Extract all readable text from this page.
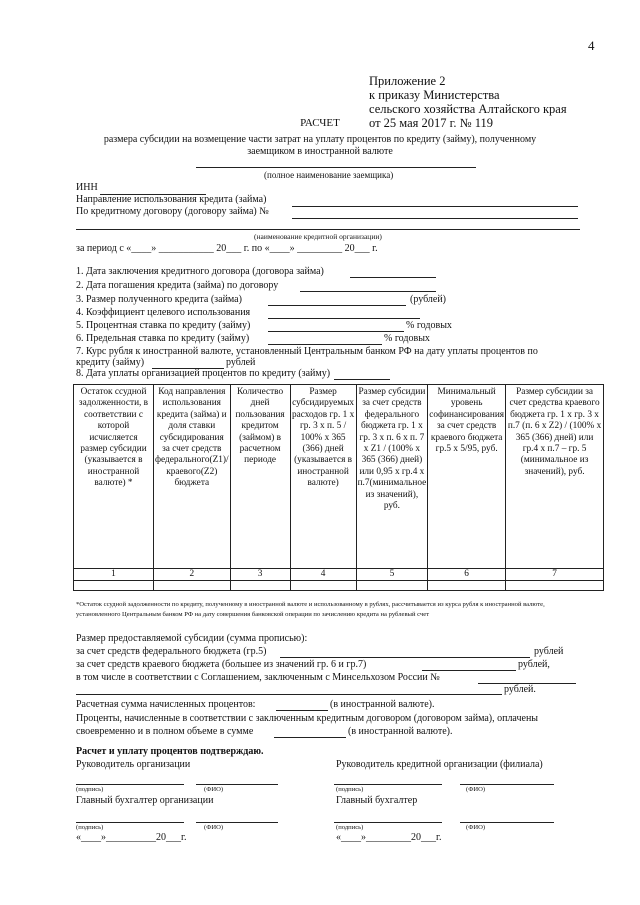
4
Приложение 2
к приказу Министерства
сельского хозяйства Алтайского края
от 25 мая 2017 г. № 119
РАСЧЕТ
размера субсидии на возмещение части затрат на уплату процентов по кредиту (займу), полученному
заемщиком в иностранной валюте
(полное наименование заемщика)
ИНН
Направление использования кредита (займа)
По кредитному договору (договору займа) №
(наименование кредитной организации)
за период с «____» ___________ 20___ г. по «____» _________ 20___ г.
1. Дата заключения кредитного договора (договора займа)
2. Дата погашения кредита (займа) по договору
3. Размер полученного кредита (займа)	(рублей)
4. Коэффициент целевого использования
5. Процентная ставка по кредиту (займу)	% годовых
6. Предельная ставка по кредиту (займу)	% годовых
7. Курс рубля к иностранной валюте, установленный Центральным банком РФ на дату уплаты процентов по
кредиту (займу)	рублей
8. Дата уплаты организацией процентов по кредиту (займу)
Остаток ссудной задолженности, в соответствии с которой исчисляется размер субсидии (указывается в иностранной валюте) *	Код направления использования кредита (займа) и доля ставки субсидирования за счет средств федерального(Z1)/краевого(Z2) бюджета	Количество дней пользования кредитом (займом) в расчетном периоде	Размер субсидируемых расходов гр. 1 х гр. 3 х п. 5 / 100% х 365 (366) дней (указывается в иностранной валюте)	Размер субсидии за счет средств федерального бюджета гр. 1 х гр. 3 х п. 6 х п. 7 х Z1 / (100% х 365 (366) дней) или 0,95 х гр.4 х п.7(минимальное из значений), руб.	Минимальный уровень софинансирования за счет средств краевого бюджета гр.5 х 5/95, руб.	Размер субсидии за счет средства краевого бюджета гр. 1 х гр. 3 х п.7 (п. 6 х Z2) / (100% х 365 (366) дней) или гр.4 х п.7 – гр. 5 (минимальное из значений), руб.
1	2	3	4	5	6	7

*Остаток ссудной задолженности по кредиту, полученному в иностранной валюте и использованному в рублях, рассчитывается из курса рубля к иностранной валюте, установленного Центральным банком РФ на дату совершения банковской операции по зачислению кредита на рублевый счет
Размер предоставляемой субсидии (сумма прописью):
за счет средств федерального бюджета (гр.5)	рублей
за счет средств краевого бюджета (большее из значений гр. 6 и гр.7)	рублей,
в том числе в соответствии с Соглашением, заключенным с Минсельхозом России №
рублей.
Расчетная сумма начисленных процентов:	(в иностранной валюте).
Проценты, начисленные в соответствии с заключенным кредитным договором (договором займа), оплачены
своевременно и в полном объеме в сумме	(в иностранной валюте).
Расчет и уплату процентов подтверждаю.
Руководитель организации	Руководитель кредитной организации (филиала)
(подпись)	(ФИО)	(подпись)	(ФИО)
Главный бухгалтер организации	Главный бухгалтер
(подпись)	(ФИО)	(подпись)	(ФИО)
«____»__________20___г.	«____»_________20___г.
